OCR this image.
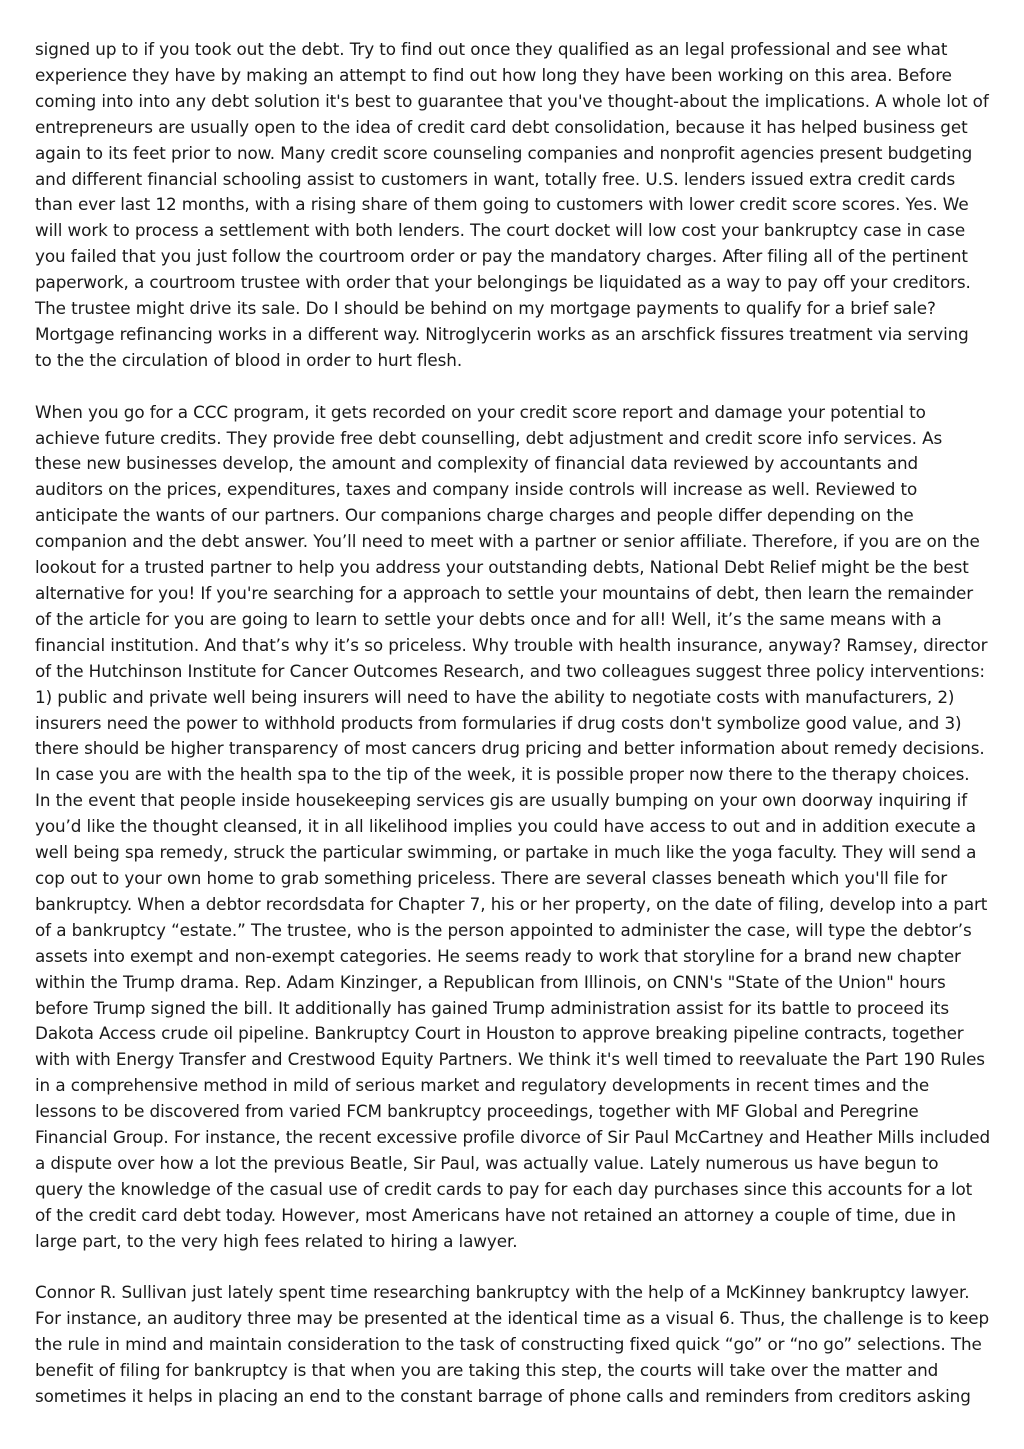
signed up to if you took out the debt. Try to find out once they qualified as an legal professional and see what experience they have by making an attempt to find out how long they have been working on this area. Before coming into into any debt solution it's best to guarantee that you've thought-about the implications. A whole lot of entrepreneurs are usually open to the idea of credit card debt consolidation, because it has helped business get again to its feet prior to now. Many credit score counseling companies and nonprofit agencies present budgeting and different financial schooling assist to customers in want, totally free. U.S. lenders issued extra credit cards than ever last 12 months, with a rising share of them going to customers with lower credit score scores. Yes. We will work to process a settlement with both lenders. The court docket will low cost your bankruptcy case in case you failed that you just follow the courtroom order or pay the mandatory charges. After filing all of the pertinent paperwork, a courtroom trustee with order that your belongings be liquidated as a way to pay off your creditors. The trustee might drive its sale. Do I should be behind on my mortgage payments to qualify for a brief sale? Mortgage refinancing works in a different way. Nitroglycerin works as an arschfick fissures treatment via serving to the the circulation of blood in order to hurt flesh.

When you go for a CCC program, it gets recorded on your credit score report and damage your potential to achieve future credits. They provide free debt counselling, debt adjustment and credit score info services. As these new businesses develop, the amount and complexity of financial data reviewed by accountants and auditors on the prices, expenditures, taxes and company inside controls will increase as well. Reviewed to anticipate the wants of our partners. Our companions charge charges and people differ depending on the companion and the debt answer. You’ll need to meet with a partner or senior affiliate. Therefore, if you are on the lookout for a trusted partner to help you address your outstanding debts, National Debt Relief might be the best alternative for you! If you're searching for a approach to settle your mountains of debt, then learn the remainder of the article for you are going to learn to settle your debts once and for all! Well, it’s the same means with a financial institution. And that’s why it’s so priceless. Why trouble with health insurance, anyway? Ramsey, director of the Hutchinson Institute for Cancer Outcomes Research, and two colleagues suggest three policy interventions: 1) public and private well being insurers will need to have the ability to negotiate costs with manufacturers, 2) insurers need the power to withhold products from formularies if drug costs don't symbolize good value, and 3) there should be higher transparency of most cancers drug pricing and better information about remedy decisions. In case you are with the health spa to the tip of the week, it is possible proper now there to the therapy choices. In the event that people inside housekeeping services gis are usually bumping on your own doorway inquiring if you’d like the thought cleansed, it in all likelihood implies you could have access to out and in addition execute a well being spa remedy, struck the particular swimming, or partake in much like the yoga faculty. They will send a cop out to your own home to grab something priceless. There are several classes beneath which you'll file for bankruptcy. When a debtor recordsdata for Chapter 7, his or her property, on the date of filing, develop into a part of a bankruptcy “estate.” The trustee, who is the person appointed to administer the case, will type the debtor’s assets into exempt and non-exempt categories. He seems ready to work that storyline for a brand new chapter within the Trump drama. Rep. Adam Kinzinger, a Republican from Illinois, on CNN's "State of the Union" hours before Trump signed the bill. It additionally has gained Trump administration assist for its battle to proceed its Dakota Access crude oil pipeline. Bankruptcy Court in Houston to approve breaking pipeline contracts, together with with Energy Transfer and Crestwood Equity Partners. We think it's well timed to reevaluate the Part 190 Rules in a comprehensive method in mild of serious market and regulatory developments in recent times and the lessons to be discovered from varied FCM bankruptcy proceedings, together with MF Global and Peregrine Financial Group. For instance, the recent excessive profile divorce of Sir Paul McCartney and Heather Mills included a dispute over how a lot the previous Beatle, Sir Paul, was actually value. Lately numerous us have begun to query the knowledge of the casual use of credit cards to pay for each day purchases since this accounts for a lot of the credit card debt today. However, most Americans have not retained an attorney a couple of time, due in large part, to the very high fees related to hiring a lawyer.

Connor R. Sullivan just lately spent time researching bankruptcy with the help of a McKinney bankruptcy lawyer. For instance, an auditory three may be presented at the identical time as a visual 6. Thus, the challenge is to keep the rule in mind and maintain consideration to the task of constructing fixed quick “go” or “no go” selections. The benefit of filing for bankruptcy is that when you are taking this step, the courts will take over the matter and sometimes it helps in placing an end to the constant barrage of phone calls and reminders from creditors asking
